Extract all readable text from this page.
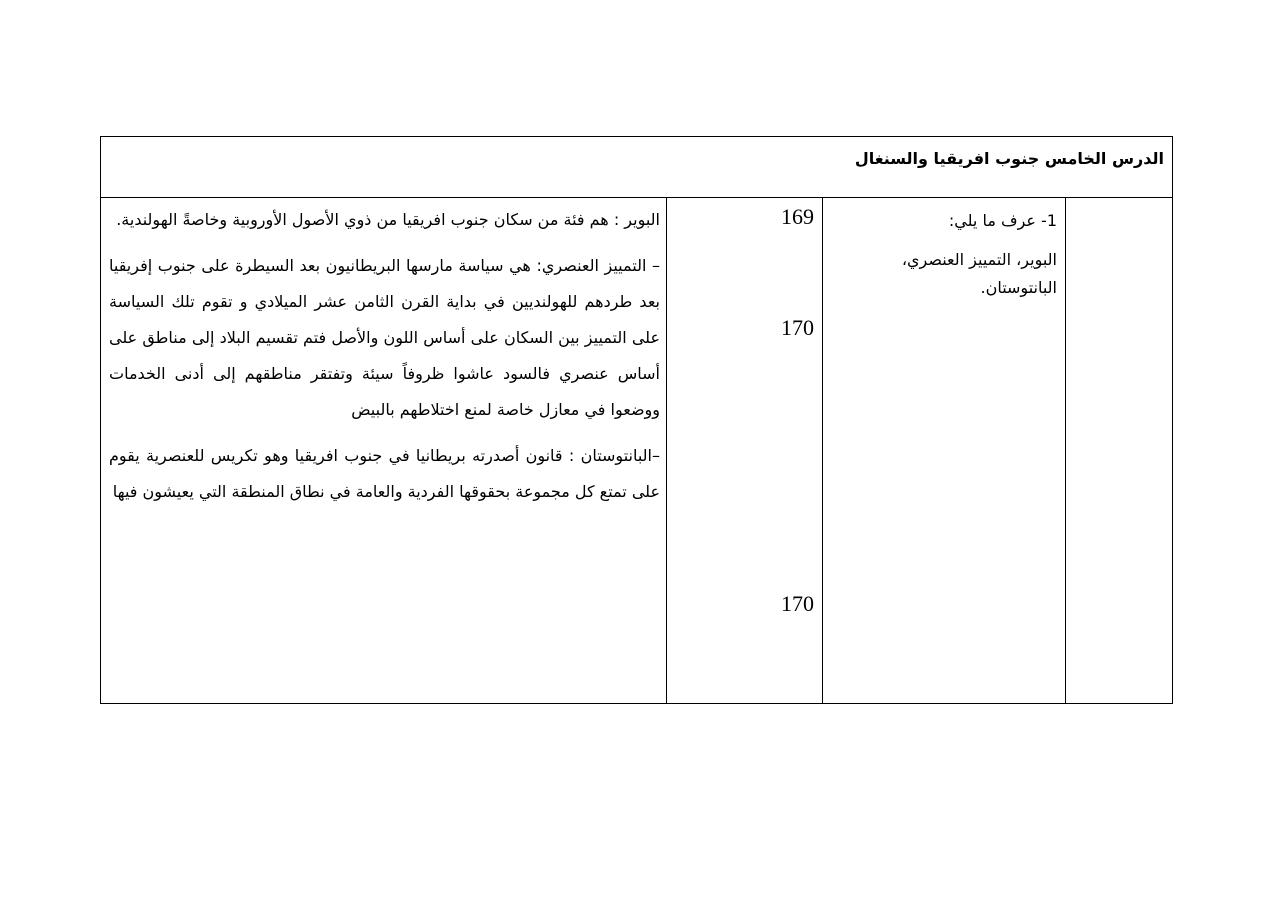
الدرس الخامس جنوب افريقيا والسنغال

البوير : هم فئة من سكان جنوب افريقيا من ذوي الأصول الأوروبية وخاصةً الهولندية.

– التمييز العنصري: هي سياسة مارسها البريطانيون بعد السيطرة على جنوب إفريقيا بعد طردهم للهولنديين في بداية القرن الثامن عشر الميلادي و تقوم تلك السياسة على التمييز بين السكان على أساس اللون والأصل فتم تقسيم البلاد إلى مناطق على أساس عنصري فالسود عاشوا ظروفاً سيئة وتفتقر مناطقهم إلى أدنى الخدمات ووضعوا في معازل خاصة لمنع اختلاطهم بالبيض

–البانتوستان : قانون أصدرته بريطانيا في جنوب افريقيا وهو تكريس للعنصرية يقوم على تمتع كل مجموعة بحقوقها الفردية والعامة في نطاق المنطقة التي يعيشون فيها

169
170
170

1- عرف ما يلي:

البوير، التمييز العنصري، البانتوستان.
